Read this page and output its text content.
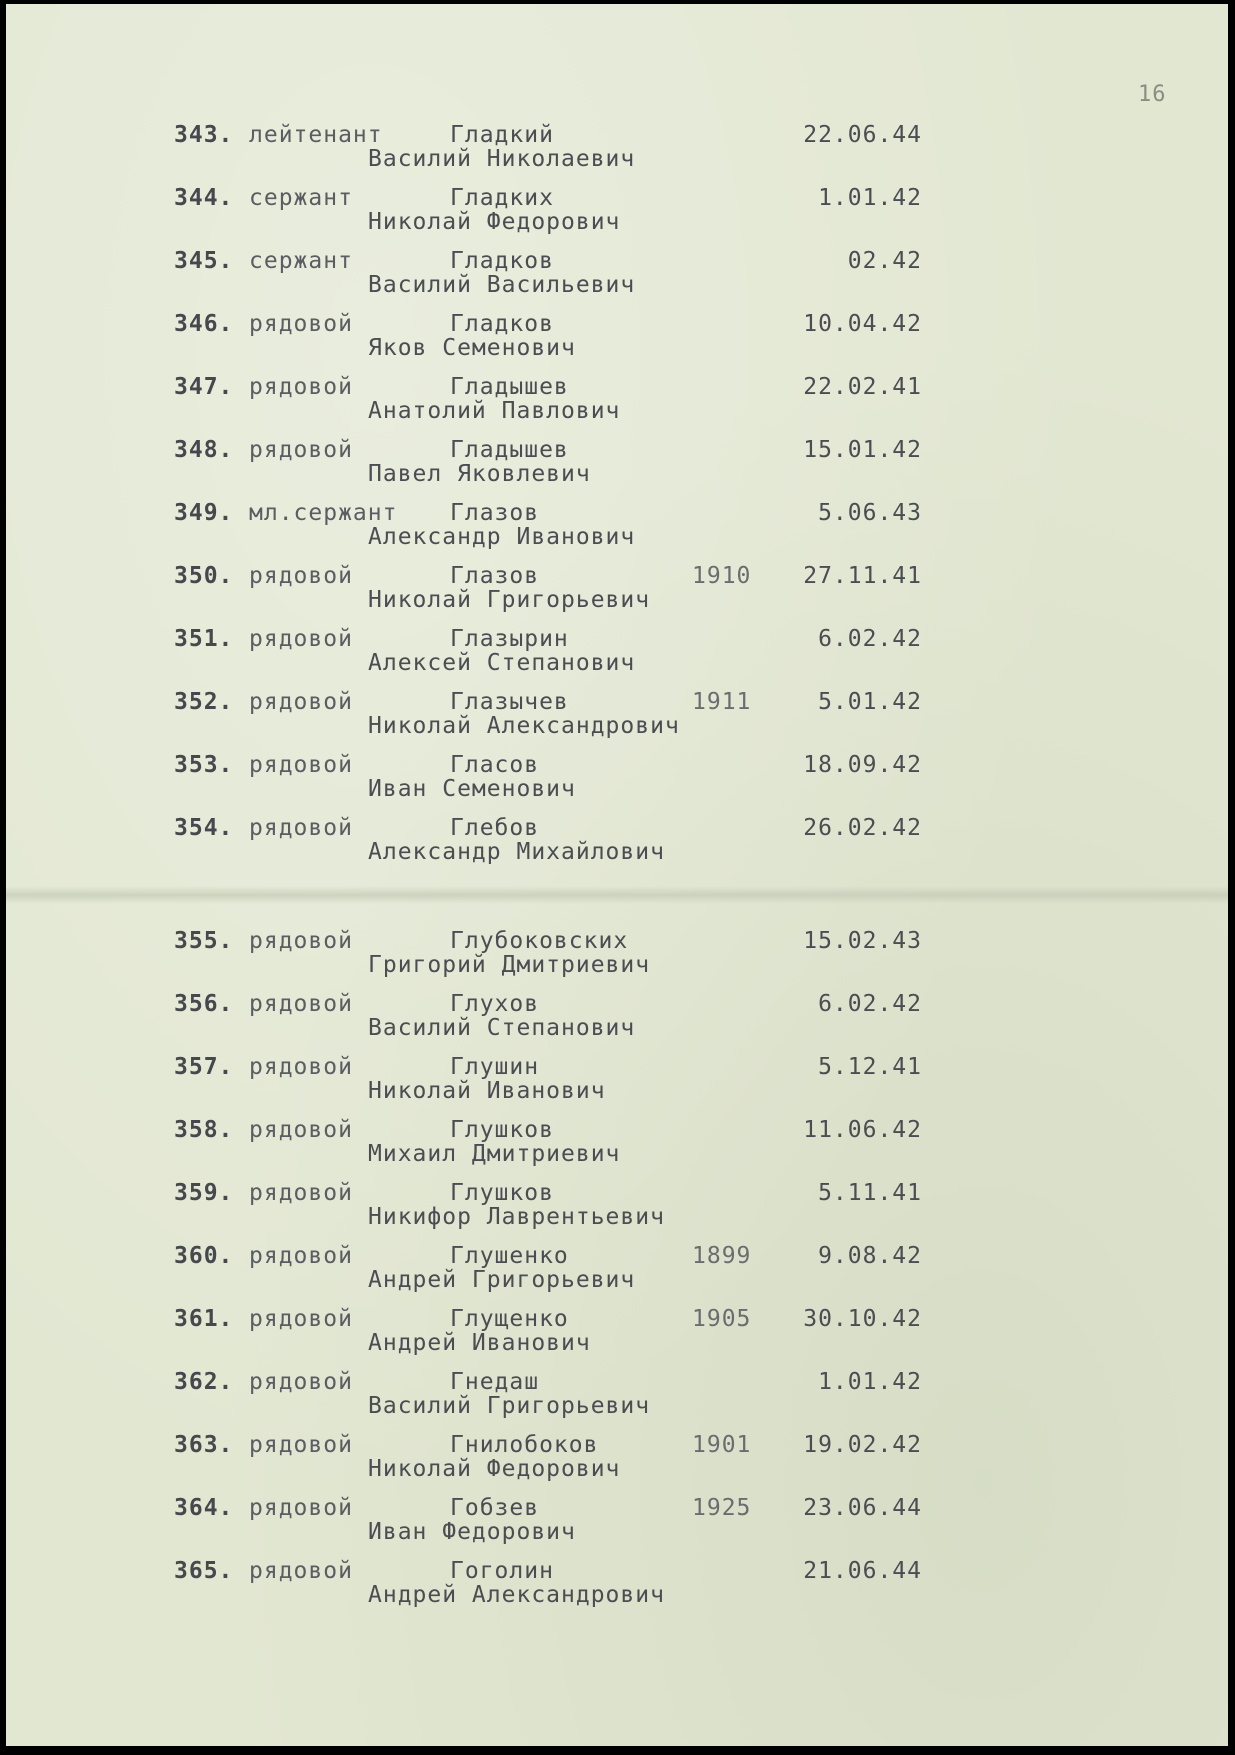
16
343. лейтенант	Гладкий
Василий Николаевич
22.06.44
344. сержант	Гладких
Николай Федорович
1.01.42
345. сержант	Гладков
Василий Васильевич
02.42
346. рядовой	Гладков
Яков Семенович
10.04.42
347. рядовой	Гладышев
Анатолий Павлович
22.02.41
348. рядовой	Гладышев
Павел Яковлевич
15.01.42
349. мл.сержант Глазов
Александр Иванович
5.06.43
350. рядовой	Глазов
Николай Григорьевич
1910 27.11.41
351. рядовой	Глазырин
Алексей Степанович
6.02.42
352. рядовой	Глазычев
Николай Александрович
1911	5.01.42
353. рядовой	Гласов
Иван Семенович
18.09.42
354. рядовой	Глебов
Александр Михайлович
26.02.42
355. рядовой	Глубоковских
Григорий Дмитриевич
15.02.43
356. рядовой	Глухов
Василий Степанович
6.02.42
357. рядовой	Глушин
Николай Иванович
5.12.41
358. рядовой	Глушков
Михаил Дмитриевич
11.06.42
359. рядовой	Глушков
Никифор Лаврентьевич
5.11.41
360. рядовой	Глушенко
Андрей Григорьевич
1899	9.08.42
361. рядовой	Глущенко
Андрей Иванович
1905 30.10.42
362. рядовой	Гнедаш
Василий Григорьевич
1.01.42
363. рядовой	Гнилобоков
Николай Федорович
1901 19.02.42
364. рядовой	Гобзев
Иван Федорович
1925 23.06.44
365. рядовой	Гоголин
Андрей Александрович
21.06.44
